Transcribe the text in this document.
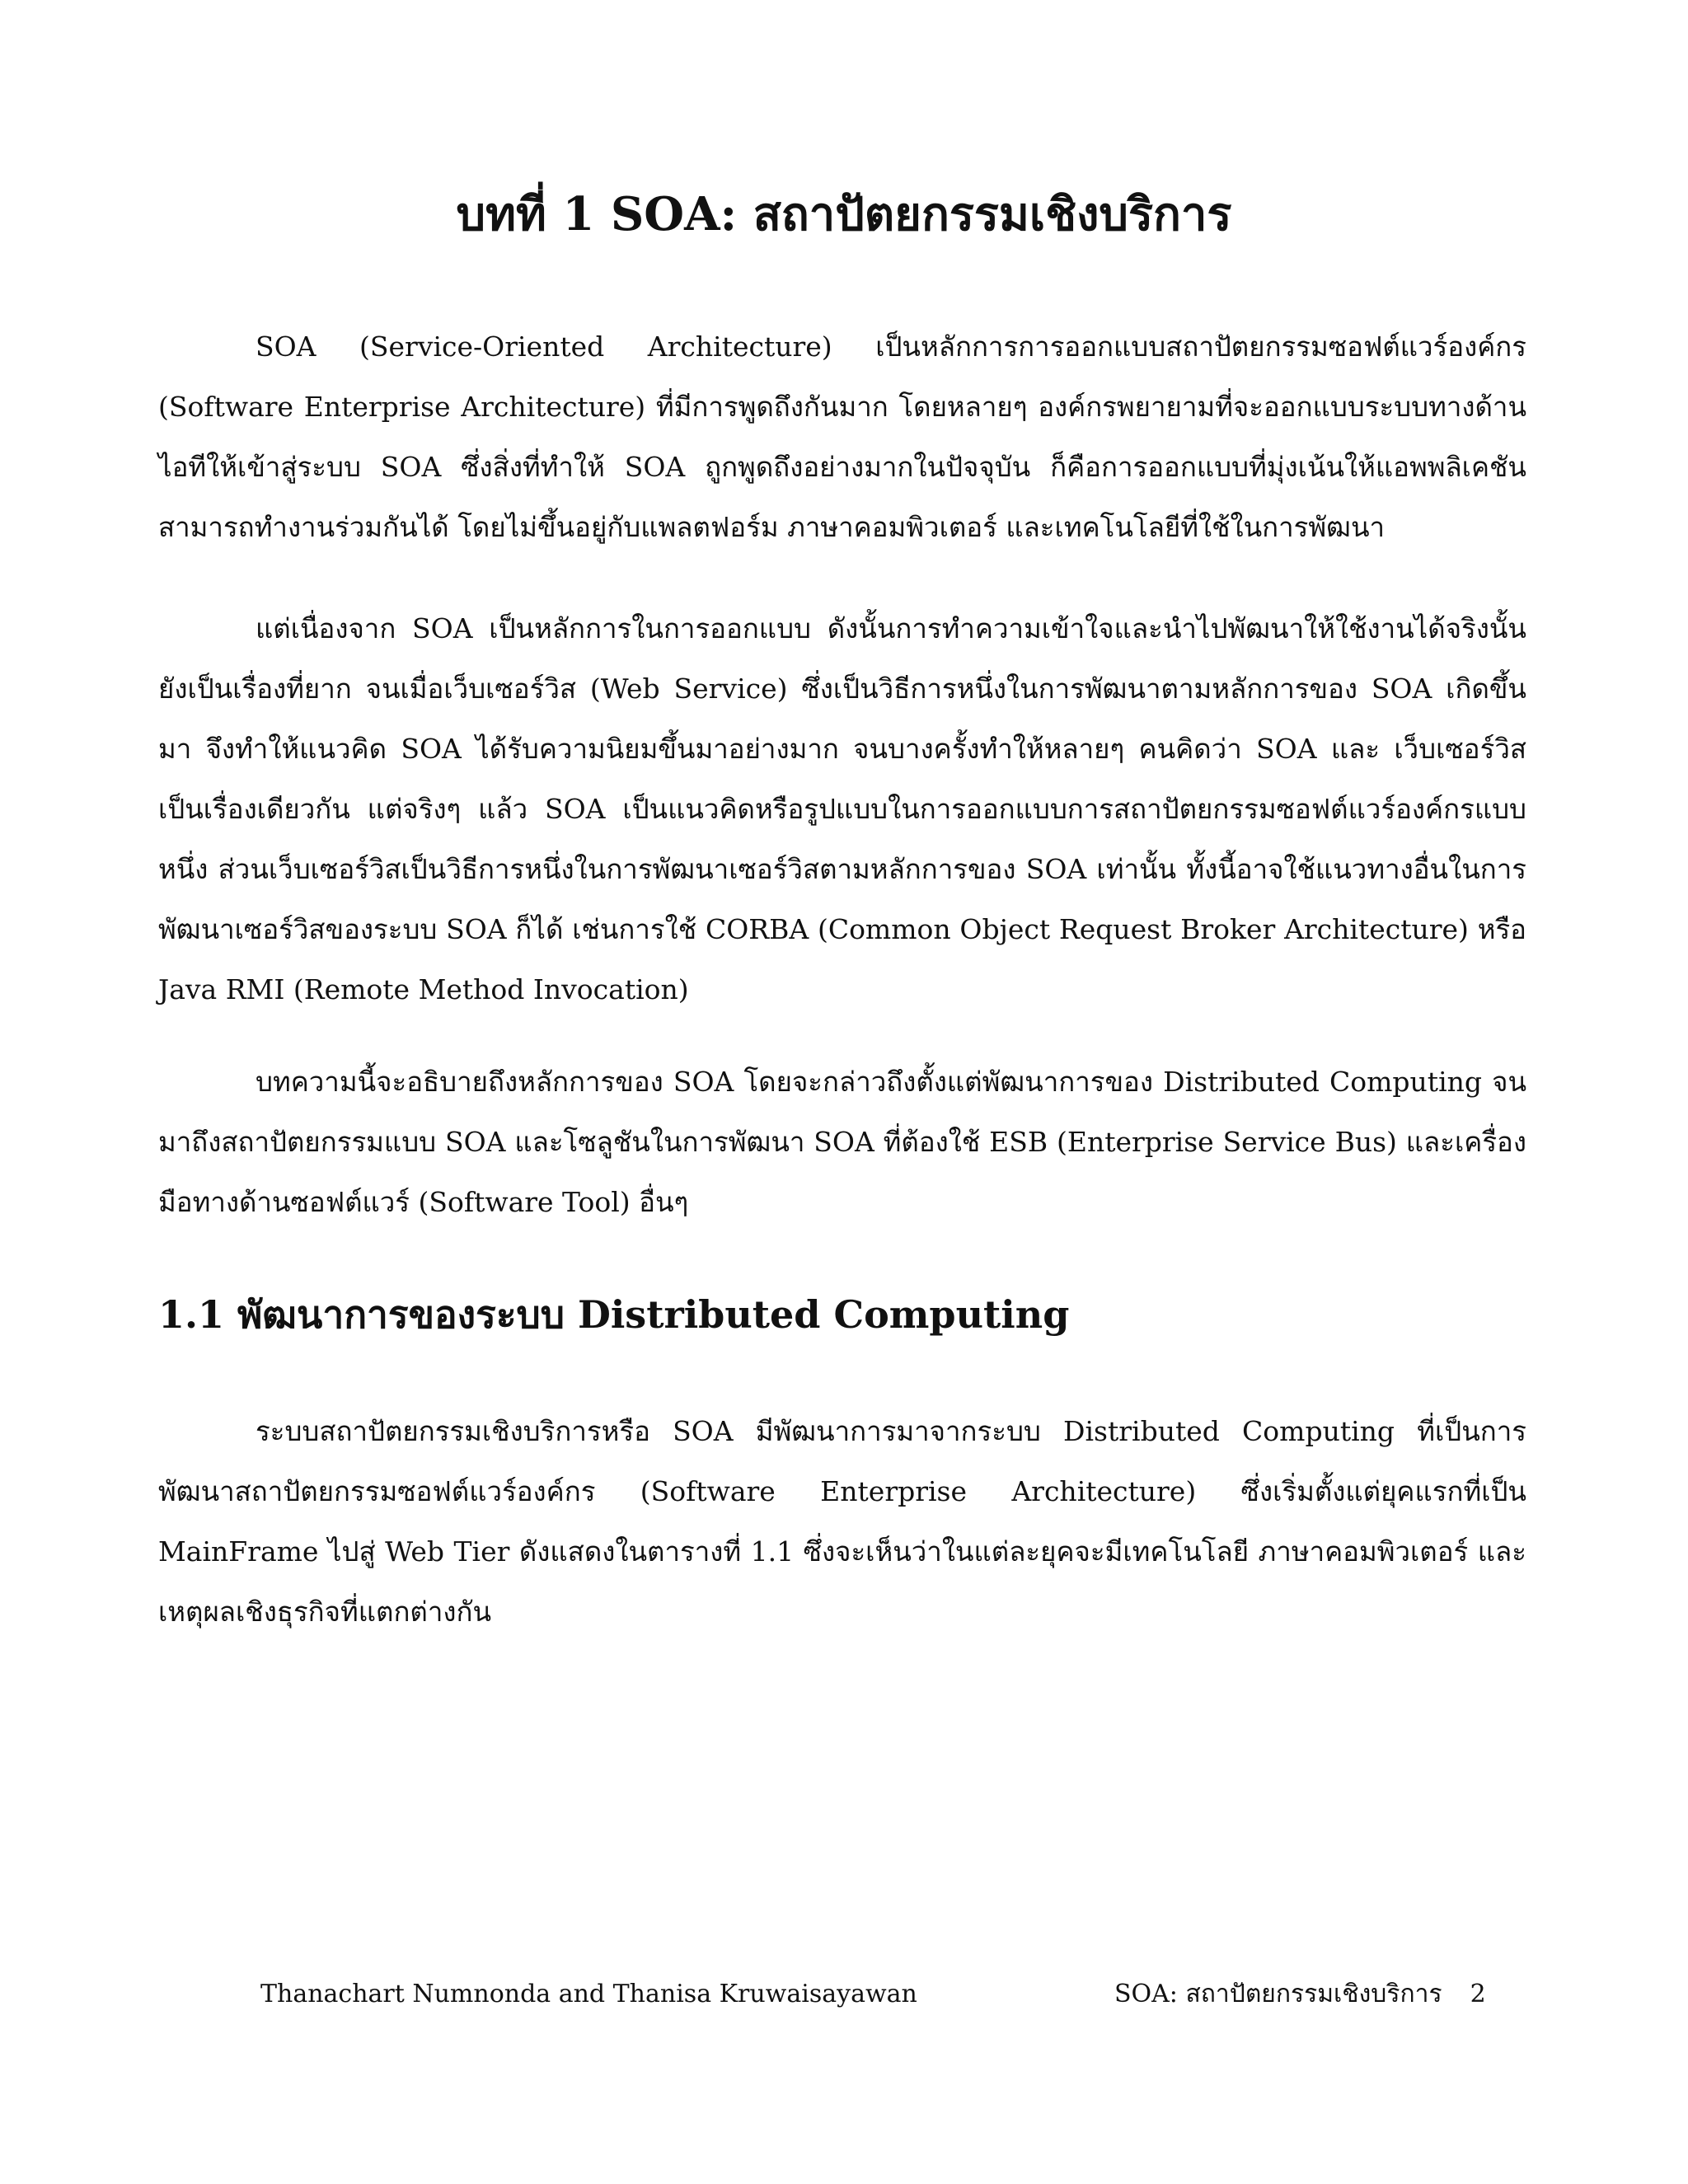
บทที่ 1 SOA: สถาปัตยกรรมเชิงบริการ

SOA (Service-Oriented Architecture) เป็นหลักการการออกแบบสถาปัตยกรรมซอฟต์แวร์องค์กร (Software Enterprise Architecture) ที่มีการพูดถึงกันมาก โดยหลายๆ องค์กรพยายามที่จะออกแบบระบบทางด้านไอทีให้เข้าสู่ระบบ SOA ซึ่งสิ่งที่ทำให้ SOA ถูกพูดถึงอย่างมากในปัจจุบัน ก็คือการออกแบบที่มุ่งเน้นให้แอพพลิเคชันสามารถทำงานร่วมกันได้ โดยไม่ขึ้นอยู่กับแพลตฟอร์ม ภาษาคอมพิวเตอร์ และเทคโนโลยีที่ใช้ในการพัฒนา

แต่เนื่องจาก SOA เป็นหลักการในการออกแบบ ดังนั้นการทำความเข้าใจและนำไปพัฒนาให้ใช้งานได้จริงนั้นยังเป็นเรื่องที่ยาก จนเมื่อเว็บเซอร์วิส (Web Service) ซึ่งเป็นวิธีการหนึ่งในการพัฒนาตามหลักการของ SOA เกิดขึ้นมา จึงทำให้แนวคิด SOA ได้รับความนิยมขึ้นมาอย่างมาก จนบางครั้งทำให้หลายๆ คนคิดว่า SOA และ เว็บเซอร์วิสเป็นเรื่องเดียวกัน แต่จริงๆ แล้ว SOA เป็นแนวคิดหรือรูปแบบในการออกแบบการสถาปัตยกรรมซอฟต์แวร์องค์กรแบบหนึ่ง ส่วนเว็บเซอร์วิสเป็นวิธีการหนึ่งในการพัฒนาเซอร์วิสตามหลักการของ SOA เท่านั้น ทั้งนี้อาจใช้แนวทางอื่นในการพัฒนาเซอร์วิสของระบบ SOA ก็ได้ เช่นการใช้ CORBA (Common Object Request Broker Architecture) หรือ Java RMI (Remote Method Invocation)

บทความนี้จะอธิบายถึงหลักการของ SOA โดยจะกล่าวถึงตั้งแต่พัฒนาการของ Distributed Computing จนมาถึงสถาปัตยกรรมแบบ SOA และโซลูชันในการพัฒนา SOA ที่ต้องใช้ ESB (Enterprise Service Bus) และเครื่องมือทางด้านซอฟต์แวร์ (Software Tool) อื่นๆ

1.1 พัฒนาการของระบบ Distributed Computing

ระบบสถาปัตยกรรมเชิงบริการหรือ SOA มีพัฒนาการมาจากระบบ Distributed Computing ที่เป็นการพัฒนาสถาปัตยกรรมซอฟต์แวร์องค์กร (Software Enterprise Architecture) ซึ่งเริ่มตั้งแต่ยุคแรกที่เป็น MainFrame ไปสู่ Web Tier ดังแสดงในตารางที่ 1.1 ซึ่งจะเห็นว่าในแต่ละยุคจะมีเทคโนโลยี ภาษาคอมพิวเตอร์ และเหตุผลเชิงธุรกิจที่แตกต่างกัน

Thanachart Numnonda and Thanisa Kruwaisayawan	SOA: สถาปัตยกรรมเชิงบริการ 2
